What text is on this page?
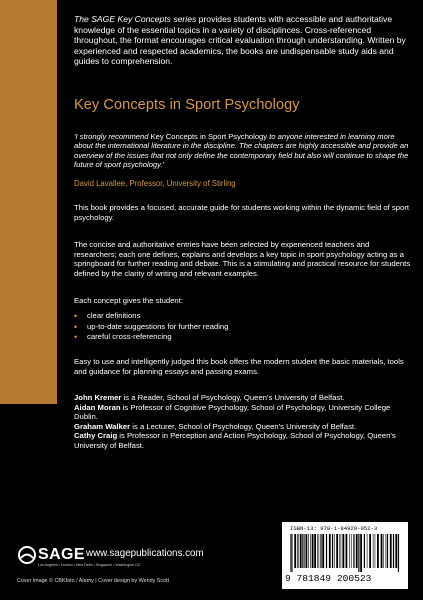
The SAGE Key Concepts series provides students with accessible and authoritative knowledge of the essential topics in a variety of disciplinces. Cross-referenced throughout, the format encourages critical evaluation through understanding. Written by experienced and respected academics, the books are undispensable study aids and guides to comprehension.
Key Concepts in Sport Psychology
'I strongly recommend Key Concepts in Sport Psychology to anyone interested in learning more about the international literature in the discipline. The chapters are highly accessible and provide an overview of the issues that not only define the contemporary field but also will continue to shape the future of sport psychology.'
David Lavallee, Professor, University of Stirling
This book provides a focused, accurate guide for students working within the dynamic field of sport psychology.
The concise and authoritative entries have been selected by experienced teachers and researchers; each one defines, explains and develops a key topic in sport psychology acting as a springboard for further reading and debate. This is a stimulating and practical resource for students defined by the clarity of writing and relevant examples.
Each concept gives the student:
• clear definitions
• up-to-date suggestions for further reading
• careful cross-referencing
Easy to use and intelligently judged this book offers the modern student the basic materials, tools and guidance for planning essays and passing exams.
John Kremer is a Reader, School of Psychology, Queen's University of Belfast.
Aidan Moran is Professor of Cognitive Psychology, School of Psychology, University College Dublin.
Graham Walker is a Lecturer, School of Psychology, Queen's University of Belfast.
Cathy Craig is Professor in Perception and Action Psychology, School of Psychology, Queen's University of Belfast.
SAGE
Los Angeles • London • New Delhi • Singapore • Washington DC
www.sagepublications.com
Cover image © CBKfoto / Alamy | Cover design by Wendy Scott
ISBN-13: 978-1-84920-052-3
9 781849 200523
